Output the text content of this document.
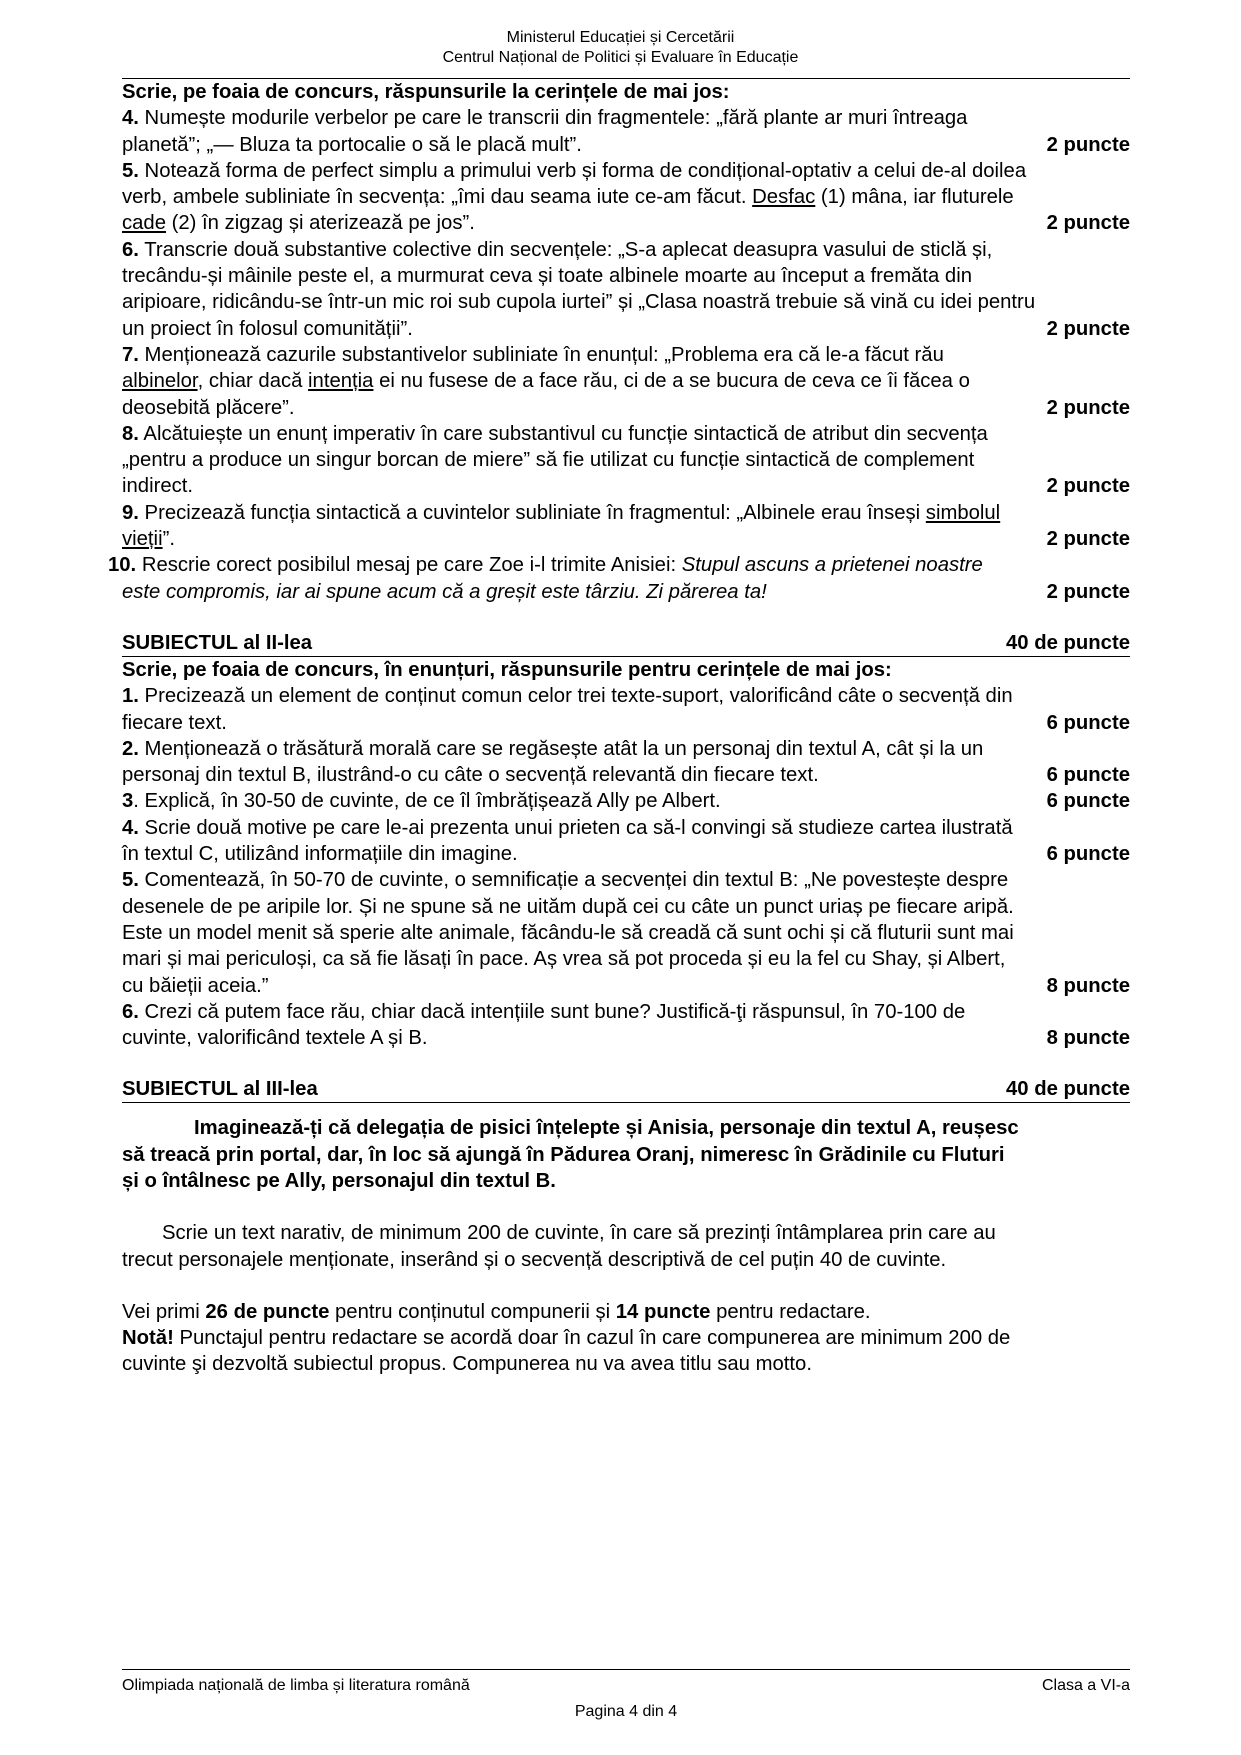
Ministerul Educației și Cercetării
Centrul Național de Politici și Evaluare în Educație

Scrie, pe foaia de concurs, răspunsurile la cerințele de mai jos:

4. Numește modurile verbelor pe care le transcrii din fragmentele: „fără plante ar muri întreaga

planetă”; „— Bluza ta portocalie o să le placă mult”.	2 puncte

5. Notează forma de perfect simplu a primului verb și forma de condițional-optativ a celui de-al doilea

verb, ambele subliniate în secvența: „îmi dau seama iute ce-am făcut. Desfac (1) mâna, iar fluturele

cade (2) în zigzag și aterizează pe jos”.	2 puncte

6. Transcrie două substantive colective din secvențele: „S-a aplecat deasupra vasului de sticlă și,

trecându-și mâinile peste el, a murmurat ceva și toate albinele moarte au început a fremăta din

aripioare, ridicându-se într-un mic roi sub cupola iurtei” și „Clasa noastră trebuie să vină cu idei pentru

un proiect în folosul comunității”.	2 puncte

7. Menționează cazurile substantivelor subliniate în enunțul: „Problema era că le-a făcut rău

albinelor, chiar dacă intenția ei nu fusese de a face rău, ci de a se bucura de ceva ce îi făcea o

deosebită plăcere”.	2 puncte

8. Alcătuiește un enunț imperativ în care substantivul cu funcție sintactică de atribut din secvența

„pentru a produce un singur borcan de miere” să fie utilizat cu funcție sintactică de complement

indirect.	2 puncte

9. Precizează funcția sintactică a cuvintelor subliniate în fragmentul: „Albinele erau înseși simbolul

vieții”.	2 puncte

10. Rescrie corect posibilul mesaj pe care Zoe i-l trimite Anisiei: Stupul ascuns a prietenei noastre

este compromis, iar ai spune acum că a greșit este târziu. Zi părerea ta!	2 puncte
SUBIECTUL al II-lea	40 de puncte

Scrie, pe foaia de concurs, în enunțuri, răspunsurile pentru cerințele de mai jos:

1. Precizează un element de conținut comun celor trei texte-suport, valorificând câte o secvență din

fiecare text.	6 puncte

2. Menționează o trăsătură morală care se regăsește atât la un personaj din textul A, cât și la un

personaj din textul B, ilustrând-o cu câte o secvență relevantă din fiecare text.	6 puncte
3. Explică, în 30-50 de cuvinte, de ce îl îmbrățișează Ally pe Albert.	6 puncte

4. Scrie două motive pe care le-ai prezenta unui prieten ca să-l convingi să studieze cartea ilustrată

în textul C, utilizând informațiile din imagine.	6 puncte

5. Comentează, în 50-70 de cuvinte, o semnificație a secvenței din textul B: „Ne povestește despre

desenele de pe aripile lor. Și ne spune să ne uităm după cei cu câte un punct uriaș pe fiecare aripă.

Este un model menit să sperie alte animale, făcându-le să creadă că sunt ochi și că fluturii sunt mai

mari și mai periculoși, ca să fie lăsați în pace. Aș vrea să pot proceda și eu la fel cu Shay, și Albert,

cu băieții aceia.”	8 puncte

6. Crezi că putem face rău, chiar dacă intențiile sunt bune? Justifică-ţi răspunsul, în 70-100 de

cuvinte, valorificând textele A și B.	8 puncte
SUBIECTUL al III-lea	40 de puncte

Imaginează-ți că delegația de pisici înțelepte și Anisia, personaje din textul A, reușesc

să treacă prin portal, dar, în loc să ajungă în Pădurea Oranj, nimeresc în Grădinile cu Fluturi

și o întâlnesc pe Ally, personajul din textul B.

Scrie un text narativ, de minimum 200 de cuvinte, în care să prezinți întâmplarea prin care au

trecut personajele menționate, inserând și o secvență descriptivă de cel puțin 40 de cuvinte.

Vei primi 26 de puncte pentru conținutul compunerii și 14 puncte pentru redactare.

Notă! Punctajul pentru redactare se acordă doar în cazul în care compunerea are minimum 200 de

cuvinte şi dezvoltă subiectul propus. Compunerea nu va avea titlu sau motto.

Olimpiada națională de limba și literatura română	Clasa a VI-a
Pagina 4 din 4
